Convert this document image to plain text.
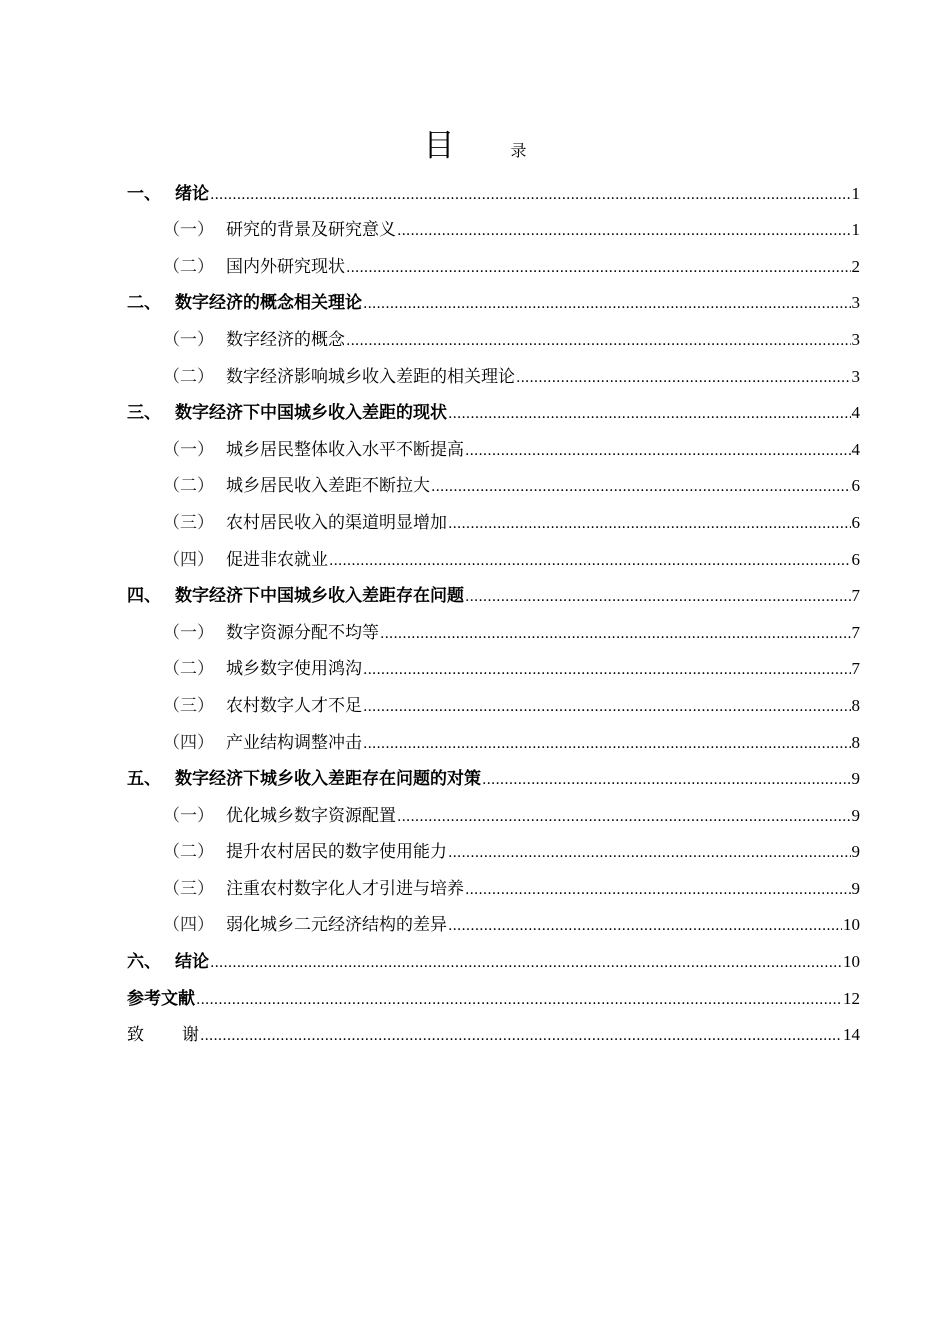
目	录
一、 绪论 .....	1
（一） 研究的背景及研究意义 .....	1
（二） 国内外研究现状 .....	2
二、 数字经济的概念相关理论 .....	3
（一） 数字经济的概念 .....	3
（二） 数字经济影响城乡收入差距的相关理论 .....	3
三、 数字经济下中国城乡收入差距的现状 .....	4
（一） 城乡居民整体收入水平不断提高 .....	4
（二） 城乡居民收入差距不断拉大 .....	6
（三） 农村居民收入的渠道明显增加 .....	6
（四） 促进非农就业 .....	6
四、 数字经济下中国城乡收入差距存在问题 .....	7
（一） 数字资源分配不均等 .....	7
（二） 城乡数字使用鸿沟 .....	7
（三） 农村数字人才不足 .....	8
（四） 产业结构调整冲击 .....	8
五、 数字经济下城乡收入差距存在问题的对策 .....	9
（一） 优化城乡数字资源配置 .....	9
（二） 提升农村居民的数字使用能力 .....	9
（三） 注重农村数字化人才引进与培养 .....	9
（四） 弱化城乡二元经济结构的差异 .....	10
六、 结论 .....	10
参考文献 .....	12
致 谢 .....	14
